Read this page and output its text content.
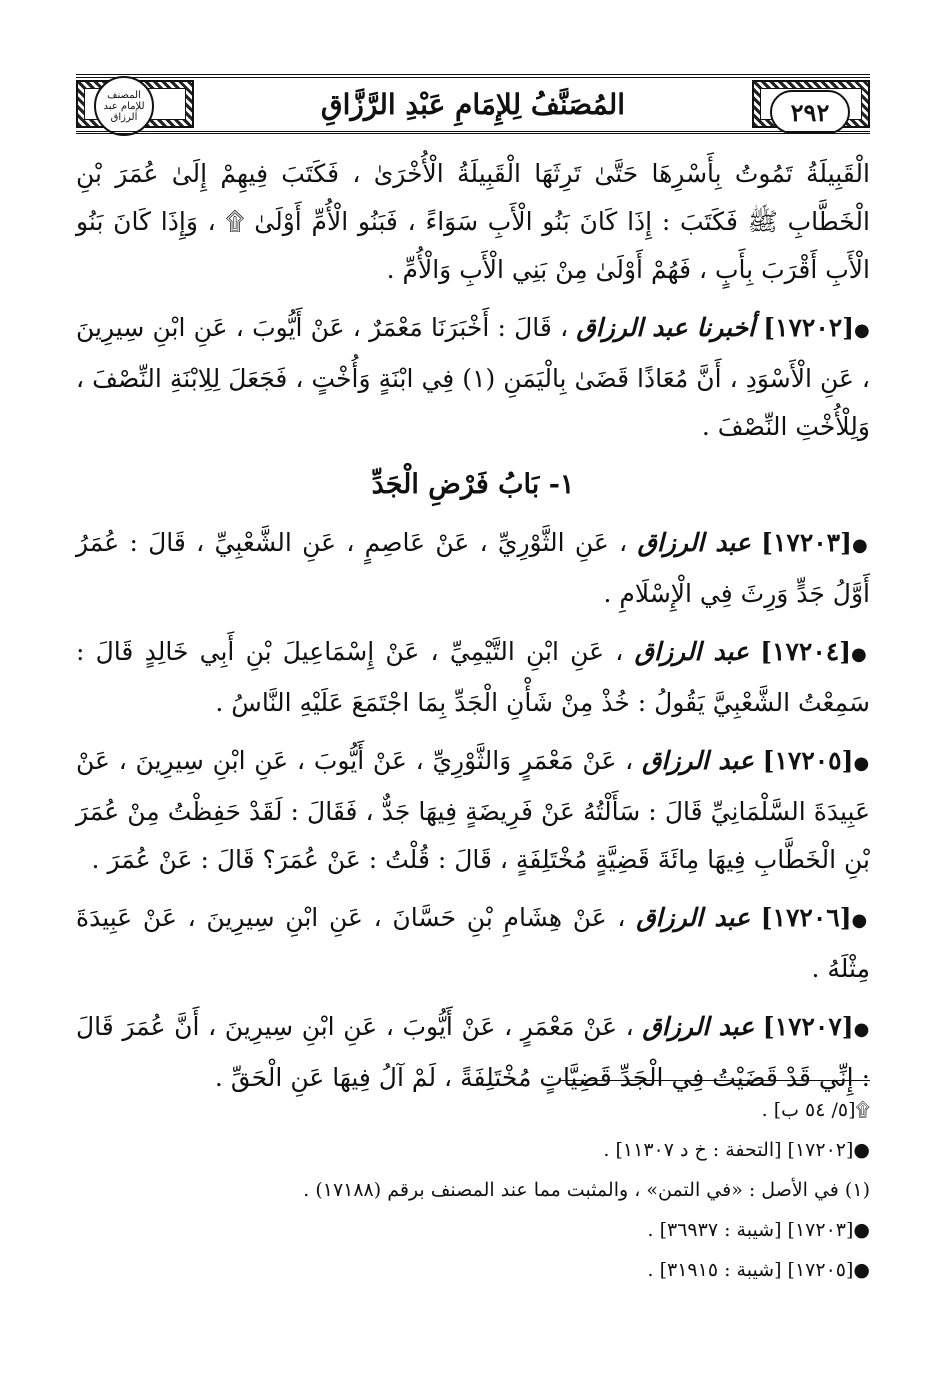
المصنف للإمام عبد الرزاق	المُصَنَّفُ لِلإِمَامِ عَبْدِ الرَّزَّاقِ	٢٩٢

الْقَبِيلَةُ تَمُوتُ بِأَسْرِهَا حَتَّىٰ تَرِثَهَا الْقَبِيلَةُ الْأُخْرَىٰ ، فَكَتَبَ فِيهِمْ إِلَىٰ عُمَرَ بْنِ الْخَطَّابِ ﷺ فَكَتَبَ : إِذَا كَانَ بَنُو الْأَبِ سَوَاءً ، فَبَنُو الْأُمِّ أَوْلَىٰ ۩ ، وَإِذَا كَانَ بَنُو الْأَبِ أَقْرَبَ بِأَبٍ ، فَهُمْ أَوْلَىٰ مِنْ بَنِي الْأَبِ وَالْأُمِّ .

●[١٧٢٠٢] أخبرنا عبد الرزاق ، قَالَ : أَخْبَرَنَا مَعْمَرٌ ، عَنْ أَيُّوبَ ، عَنِ ابْنِ سِيرِينَ ، عَنِ الْأَسْوَدِ ، أَنَّ مُعَاذًا قَضَىٰ بِالْيَمَنِ (١) فِي ابْنَةٍ وَأُخْتٍ ، فَجَعَلَ لِلِابْنَةِ النِّصْفَ ، وَلِلْأُخْتِ النِّصْفَ .

١- بَابُ فَرْضِ الْجَدِّ

●[١٧٢٠٣] عبد الرزاق ، عَنِ الثَّوْرِيِّ ، عَنْ عَاصِمٍ ، عَنِ الشَّعْبِيِّ ، قَالَ : عُمَرُ أَوَّلُ جَدٍّ وَرِثَ فِي الْإِسْلَامِ .

●[١٧٢٠٤] عبد الرزاق ، عَنِ ابْنِ التَّيْمِيِّ ، عَنْ إِسْمَاعِيلَ بْنِ أَبِي خَالِدٍ قَالَ : سَمِعْتُ الشَّعْبِيَّ يَقُولُ : خُذْ مِنْ شَأْنِ الْجَدِّ بِمَا اجْتَمَعَ عَلَيْهِ النَّاسُ .

●[١٧٢٠٥] عبد الرزاق ، عَنْ مَعْمَرٍ وَالثَّوْرِيِّ ، عَنْ أَيُّوبَ ، عَنِ ابْنِ سِيرِينَ ، عَنْ عَبِيدَةَ السَّلْمَانِيِّ قَالَ : سَأَلْتُهُ عَنْ فَرِيضَةٍ فِيهَا جَدٌّ ، فَقَالَ : لَقَدْ حَفِظْتُ مِنْ عُمَرَ بْنِ الْخَطَّابِ فِيهَا مِائَةَ قَضِيَّةٍ مُخْتَلِفَةٍ ، قَالَ : قُلْتُ : عَنْ عُمَرَ؟ قَالَ : عَنْ عُمَرَ .

●[١٧٢٠٦] عبد الرزاق ، عَنْ هِشَامِ بْنِ حَسَّانَ ، عَنِ ابْنِ سِيرِينَ ، عَنْ عَبِيدَةَ مِثْلَهُ .

●[١٧٢٠٧] عبد الرزاق ، عَنْ مَعْمَرٍ ، عَنْ أَيُّوبَ ، عَنِ ابْنِ سِيرِينَ ، أَنَّ عُمَرَ قَالَ : إِنِّي قَدْ قَضَيْتُ فِي الْجَدِّ قَضِيَّاتٍ مُخْتَلِفَةً ، لَمْ آلُ فِيهَا عَنِ الْحَقِّ .

۩[٥/ ٥٤ ب] .

●[١٧٢٠٢] [التحفة : خ د ١١٣٠٧] .

(١) في الأصل : «في التمن» ، والمثبت مما عند المصنف برقم (١٧١٨٨) .

●[١٧٢٠٣] [شيبة : ٣٦٩٣٧] .

●[١٧٢٠٥] [شيبة : ٣١٩١٥] .
